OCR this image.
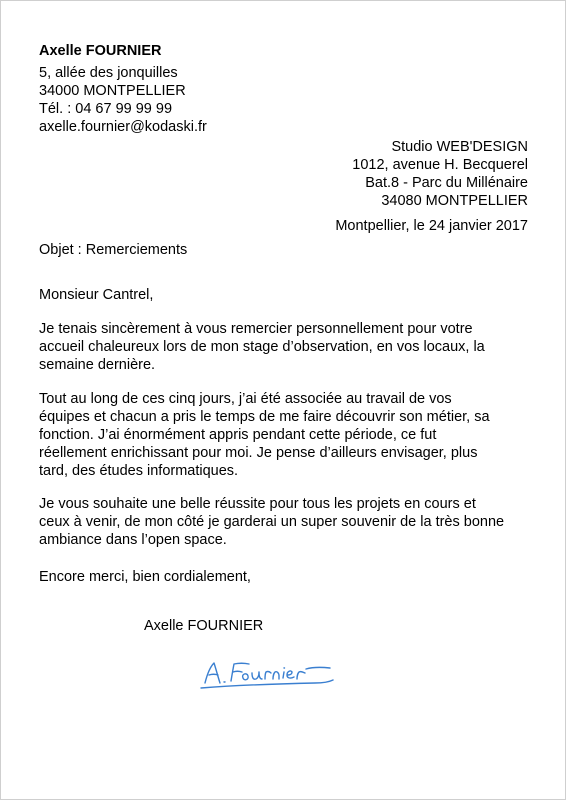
Axelle FOURNIER
5, allée des jonquilles
34000 MONTPELLIER
Tél. : 04 67 99 99 99
axelle.fournier@kodaski.fr
Studio WEB'DESIGN
1012, avenue H. Becquerel
Bat.8 - Parc du Millénaire
34080 MONTPELLIER
Montpellier, le 24 janvier 2017
Objet : Remerciements
Monsieur Cantrel,
Je tenais sincèrement à vous remercier personnellement pour votre
accueil chaleureux lors de mon stage d’observation, en vos locaux, la
semaine dernière.
Tout au long de ces cinq jours, j’ai été associée au travail de vos
équipes et chacun a pris le temps de me faire découvrir son métier, sa
fonction. J’ai énormément appris pendant cette période, ce fut
réellement enrichissant pour moi. Je pense d’ailleurs envisager, plus
tard, des études informatiques.
Je vous souhaite une belle réussite pour tous les projets en cours et
ceux à venir, de mon côté je garderai un super souvenir de la très bonne
ambiance dans l’open space.
Encore merci, bien cordialement,
Axelle FOURNIER
